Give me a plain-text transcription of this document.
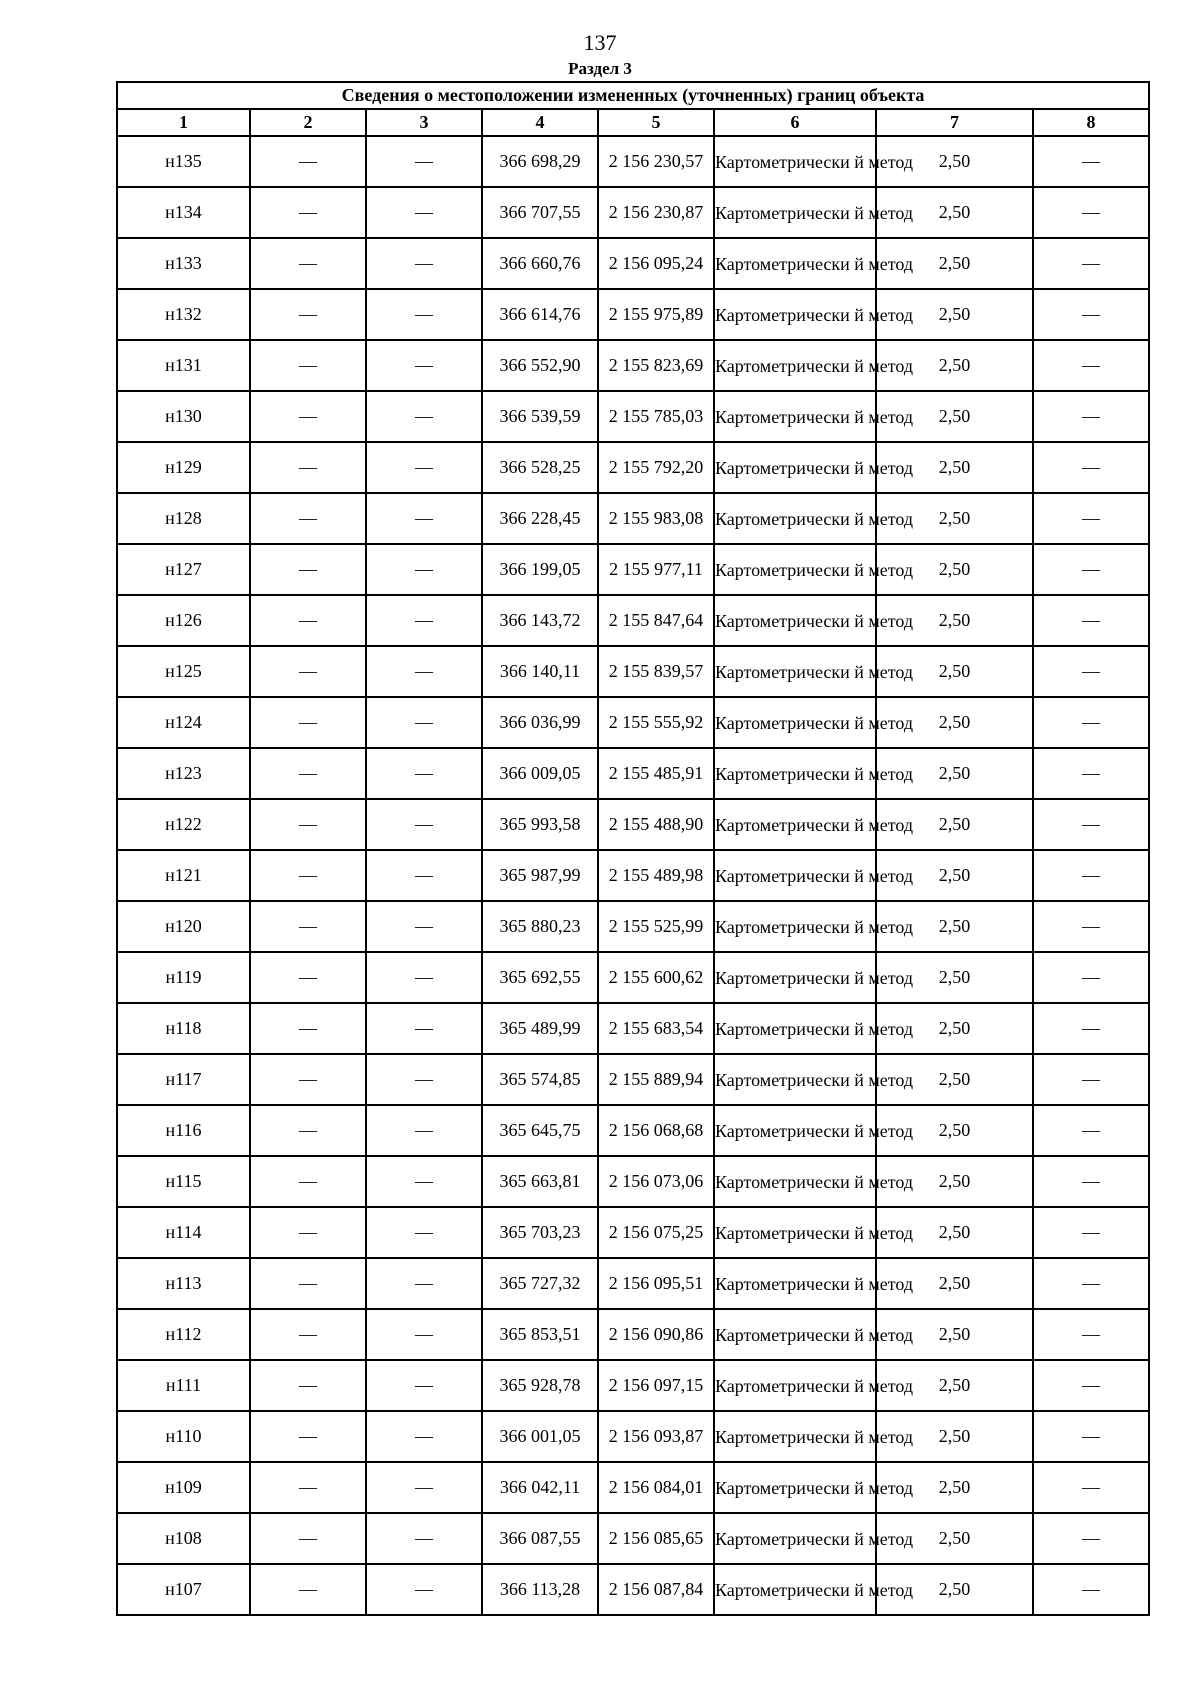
137
Раздел 3
Сведения о местоположении измененных (уточненных) границ объекта							
1	2	3	4	5	6	7	8
н135	—	—	366 698,29	2 156 230,57	Картометрически й метод	2,50	—
н134	—	—	366 707,55	2 156 230,87	Картометрически й метод	2,50	—
н133	—	—	366 660,76	2 156 095,24	Картометрически й метод	2,50	—
н132	—	—	366 614,76	2 155 975,89	Картометрически й метод	2,50	—
н131	—	—	366 552,90	2 155 823,69	Картометрически й метод	2,50	—
н130	—	—	366 539,59	2 155 785,03	Картометрически й метод	2,50	—
н129	—	—	366 528,25	2 155 792,20	Картометрически й метод	2,50	—
н128	—	—	366 228,45	2 155 983,08	Картометрически й метод	2,50	—
н127	—	—	366 199,05	2 155 977,11	Картометрически й метод	2,50	—
н126	—	—	366 143,72	2 155 847,64	Картометрически й метод	2,50	—
н125	—	—	366 140,11	2 155 839,57	Картометрически й метод	2,50	—
н124	—	—	366 036,99	2 155 555,92	Картометрически й метод	2,50	—
н123	—	—	366 009,05	2 155 485,91	Картометрически й метод	2,50	—
н122	—	—	365 993,58	2 155 488,90	Картометрически й метод	2,50	—
н121	—	—	365 987,99	2 155 489,98	Картометрически й метод	2,50	—
н120	—	—	365 880,23	2 155 525,99	Картометрически й метод	2,50	—
н119	—	—	365 692,55	2 155 600,62	Картометрически й метод	2,50	—
н118	—	—	365 489,99	2 155 683,54	Картометрически й метод	2,50	—
н117	—	—	365 574,85	2 155 889,94	Картометрически й метод	2,50	—
н116	—	—	365 645,75	2 156 068,68	Картометрически й метод	2,50	—
н115	—	—	365 663,81	2 156 073,06	Картометрически й метод	2,50	—
н114	—	—	365 703,23	2 156 075,25	Картометрически й метод	2,50	—
н113	—	—	365 727,32	2 156 095,51	Картометрически й метод	2,50	—
н112	—	—	365 853,51	2 156 090,86	Картометрически й метод	2,50	—
н111	—	—	365 928,78	2 156 097,15	Картометрически й метод	2,50	—
н110	—	—	366 001,05	2 156 093,87	Картометрически й метод	2,50	—
н109	—	—	366 042,11	2 156 084,01	Картометрически й метод	2,50	—
н108	—	—	366 087,55	2 156 085,65	Картометрически й метод	2,50	—
н107	—	—	366 113,28	2 156 087,84	Картометрически й метод	2,50	—
